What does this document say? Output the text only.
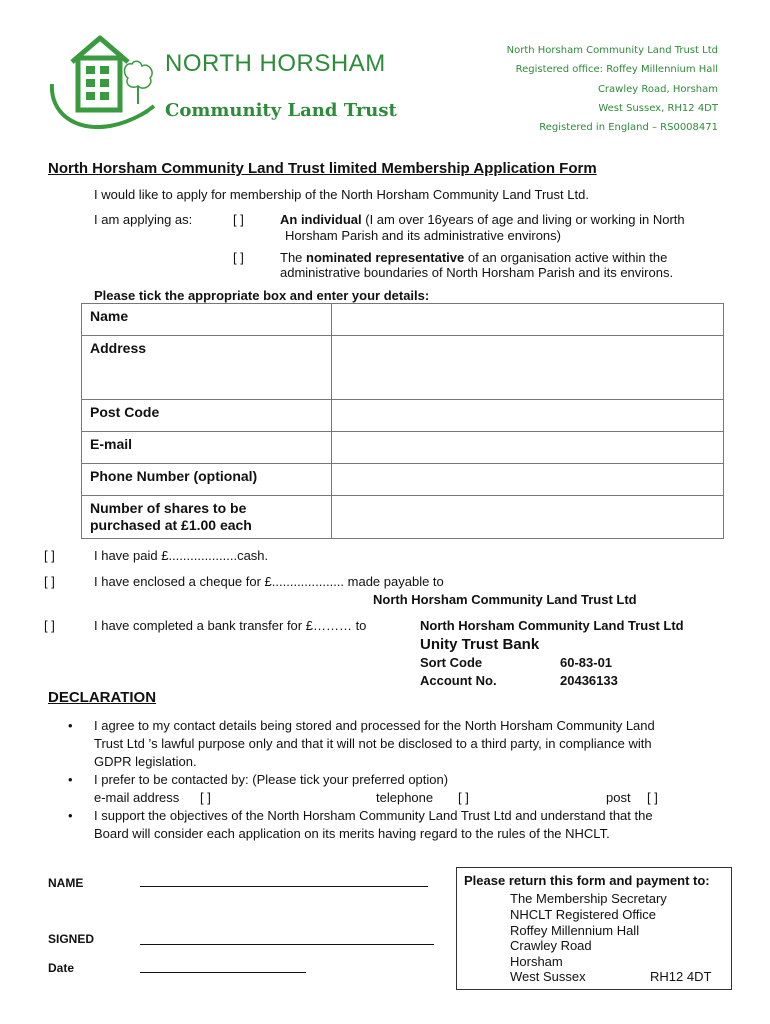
NORTH HORSHAM
Community Land Trust
North Horsham Community Land Trust Ltd
Registered office: Roffey Millennium Hall
Crawley Road, Horsham
West Sussex, RH12 4DT
Registered in England – RS0008471
North Horsham Community Land Trust limited Membership Application Form
I would like to apply for membership of the North Horsham Community Land Trust Ltd.
I am applying as:	[ ]	An individual (I am over 16years of age and living or working in North
Horsham Parish and its administrative environs)
[ ]	The nominated representative of an organisation active within the
administrative boundaries of North Horsham Parish and its environs.
Please tick the appropriate box and enter your details:
Name	
Address	
Post Code	
E-mail	
Phone Number (optional)	
Number of shares to be
purchased at £1.00 each	
[ ]	I have paid £...................cash.
[ ]	I have enclosed a cheque for £.................... made payable to
North Horsham Community Land Trust Ltd
[ ]	I have completed a bank transfer for £……… to	North Horsham Community Land Trust Ltd
Unity Trust Bank
Sort Code	60-83-01
Account No.	20436133
DECLARATION
• I agree to my contact details being stored and processed for the North Horsham Community Land
Trust Ltd ’s lawful purpose only and that it will not be disclosed to a third party, in compliance with
GDPR legislation.
• I prefer to be contacted by: (Please tick your preferred option)
e-mail address [ ]	telephone [ ]	post [ ]
• I support the objectives of the North Horsham Community Land Trust Ltd and understand that the
Board will consider each application on its merits having regard to the rules of the NHCLT.
NAME
SIGNED
Date
Please return this form and payment to:
The Membership Secretary
NHCLT Registered Office
Roffey Millennium Hall
Crawley Road
Horsham
West Sussex	RH12 4DT
